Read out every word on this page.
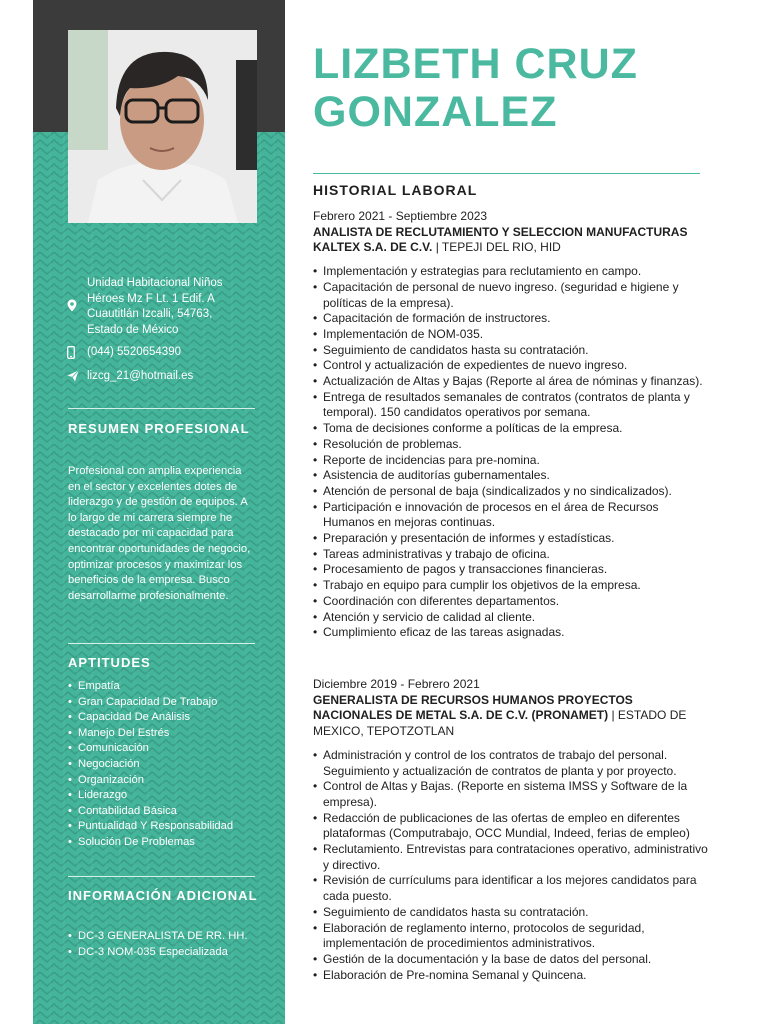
Unidad Habitacional Niños Héroes Mz F Lt. 1 Edif. A Cuautitlán Izcalli, 54763, Estado de México
(044) 5520654390
lizcg_21@hotmail.es
RESUMEN PROFESIONAL
Profesional con amplia experiencia en el sector y excelentes dotes de liderazgo y de gestión de equipos. A lo largo de mi carrera siempre he destacado por mi capacidad para encontrar oportunidades de negocio, optimizar procesos y maximizar los beneficios de la empresa. Busco desarrollarme profesionalmente.
APTITUDES
• Empatía
• Gran Capacidad De Trabajo
• Capacidad De Análisis
• Manejo Del Estrés
• Comunicación
• Negociación
• Organización
• Liderazgo
• Contabilidad Básica
• Puntualidad Y Responsabilidad
• Solución De Problemas
INFORMACIÓN ADICIONAL
• DC-3 GENERALISTA DE RR. HH.
• DC-3 NOM-035 Especializada
LIZBETH CRUZ GONZALEZ
HISTORIAL LABORAL
Febrero 2021 - Septiembre 2023
ANALISTA DE RECLUTAMIENTO Y SELECCION MANUFACTURAS KALTEX S.A. DE C.V. | TEPEJI DEL RIO, HID
• Implementación y estrategias para reclutamiento en campo.
• Capacitación de personal de nuevo ingreso. (seguridad e higiene y políticas de la empresa).
• Capacitación de formación de instructores.
• Implementación de NOM-035.
• Seguimiento de candidatos hasta su contratación.
• Control y actualización de expedientes de nuevo ingreso.
• Actualización de Altas y Bajas (Reporte al área de nóminas y finanzas).
• Entrega de resultados semanales de contratos (contratos de planta y temporal). 150 candidatos operativos por semana.
• Toma de decisiones conforme a políticas de la empresa.
• Resolución de problemas.
• Reporte de incidencias para pre-nomina.
• Asistencia de auditorías gubernamentales.
• Atención de personal de baja (sindicalizados y no sindicalizados).
• Participación e innovación de procesos en el área de Recursos Humanos en mejoras continuas.
• Preparación y presentación de informes y estadísticas.
• Tareas administrativas y trabajo de oficina.
• Procesamiento de pagos y transacciones financieras.
• Trabajo en equipo para cumplir los objetivos de la empresa.
• Coordinación con diferentes departamentos.
• Atención y servicio de calidad al cliente.
• Cumplimiento eficaz de las tareas asignadas.
Diciembre 2019 - Febrero 2021
GENERALISTA DE RECURSOS HUMANOS PROYECTOS NACIONALES DE METAL S.A. DE C.V. (PRONAMET) | ESTADO DE MEXICO, TEPOTZOTLAN
• Administración y control de los contratos de trabajo del personal. Seguimiento y actualización de contratos de planta y por proyecto.
• Control de Altas y Bajas. (Reporte en sistema IMSS y Software de la empresa).
• Redacción de publicaciones de las ofertas de empleo en diferentes plataformas (Computrabajo, OCC Mundial, Indeed, ferias de empleo)
• Reclutamiento. Entrevistas para contrataciones operativo, administrativo y directivo.
• Revisión de currículums para identificar a los mejores candidatos para cada puesto.
• Seguimiento de candidatos hasta su contratación.
• Elaboración de reglamento interno, protocolos de seguridad, implementación de procedimientos administrativos.
• Gestión de la documentación y la base de datos del personal.
• Elaboración de Pre-nomina Semanal y Quincena.
